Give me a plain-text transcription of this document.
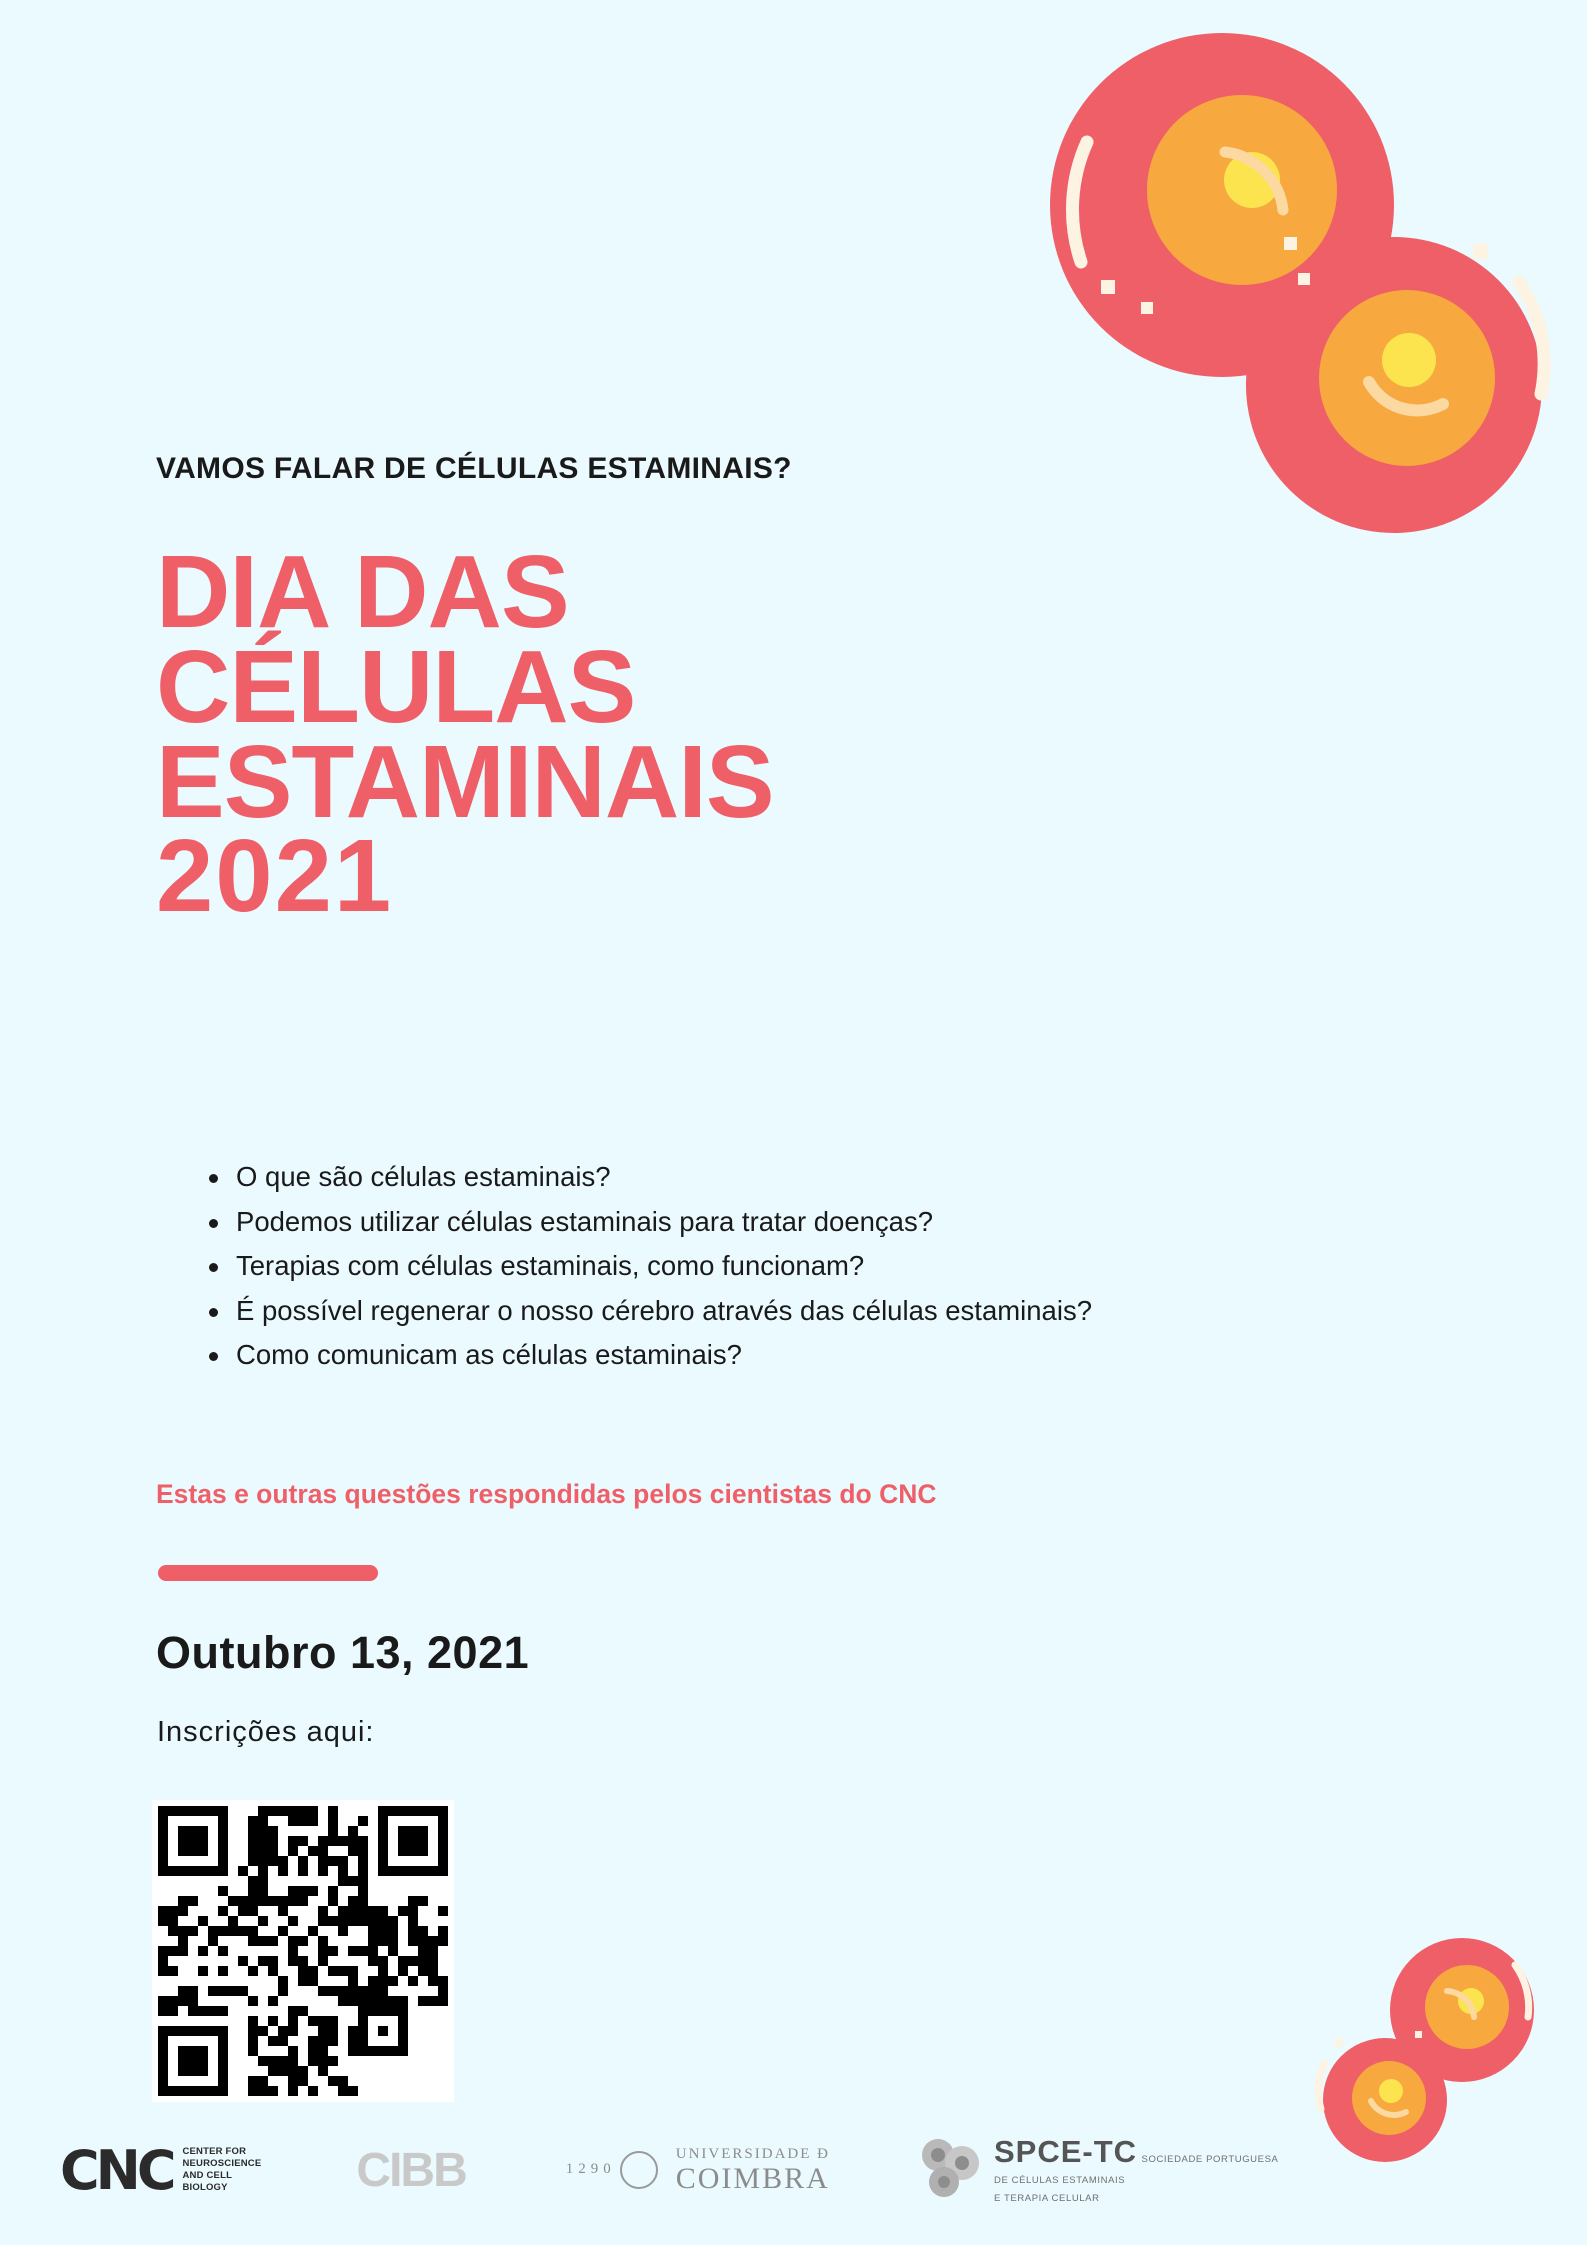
VAMOS FALAR DE CÉLULAS ESTAMINAIS?
DIA DAS
CÉLULAS
ESTAMINAIS
2021
O que são células estaminais?
Podemos utilizar células estaminais para tratar doenças?
Terapias com células estaminais, como funcionam?
É possível regenerar o nosso cérebro através das células estaminais?
Como comunicam as células estaminais?
Estas e outras questões respondidas pelos cientistas do CNC
Outubro 13, 2021
Inscrições aqui:
CNC CENTER FOR
NEUROSCIENCE
AND CELL
BIOLOGY	CIBB	1290
UNIVERSIDADE Ð
COIMBRA
SPCE-TC SOCIEDADE PORTUGUESA
DE CÉLULAS ESTAMINAIS
E TERAPIA CELULAR
